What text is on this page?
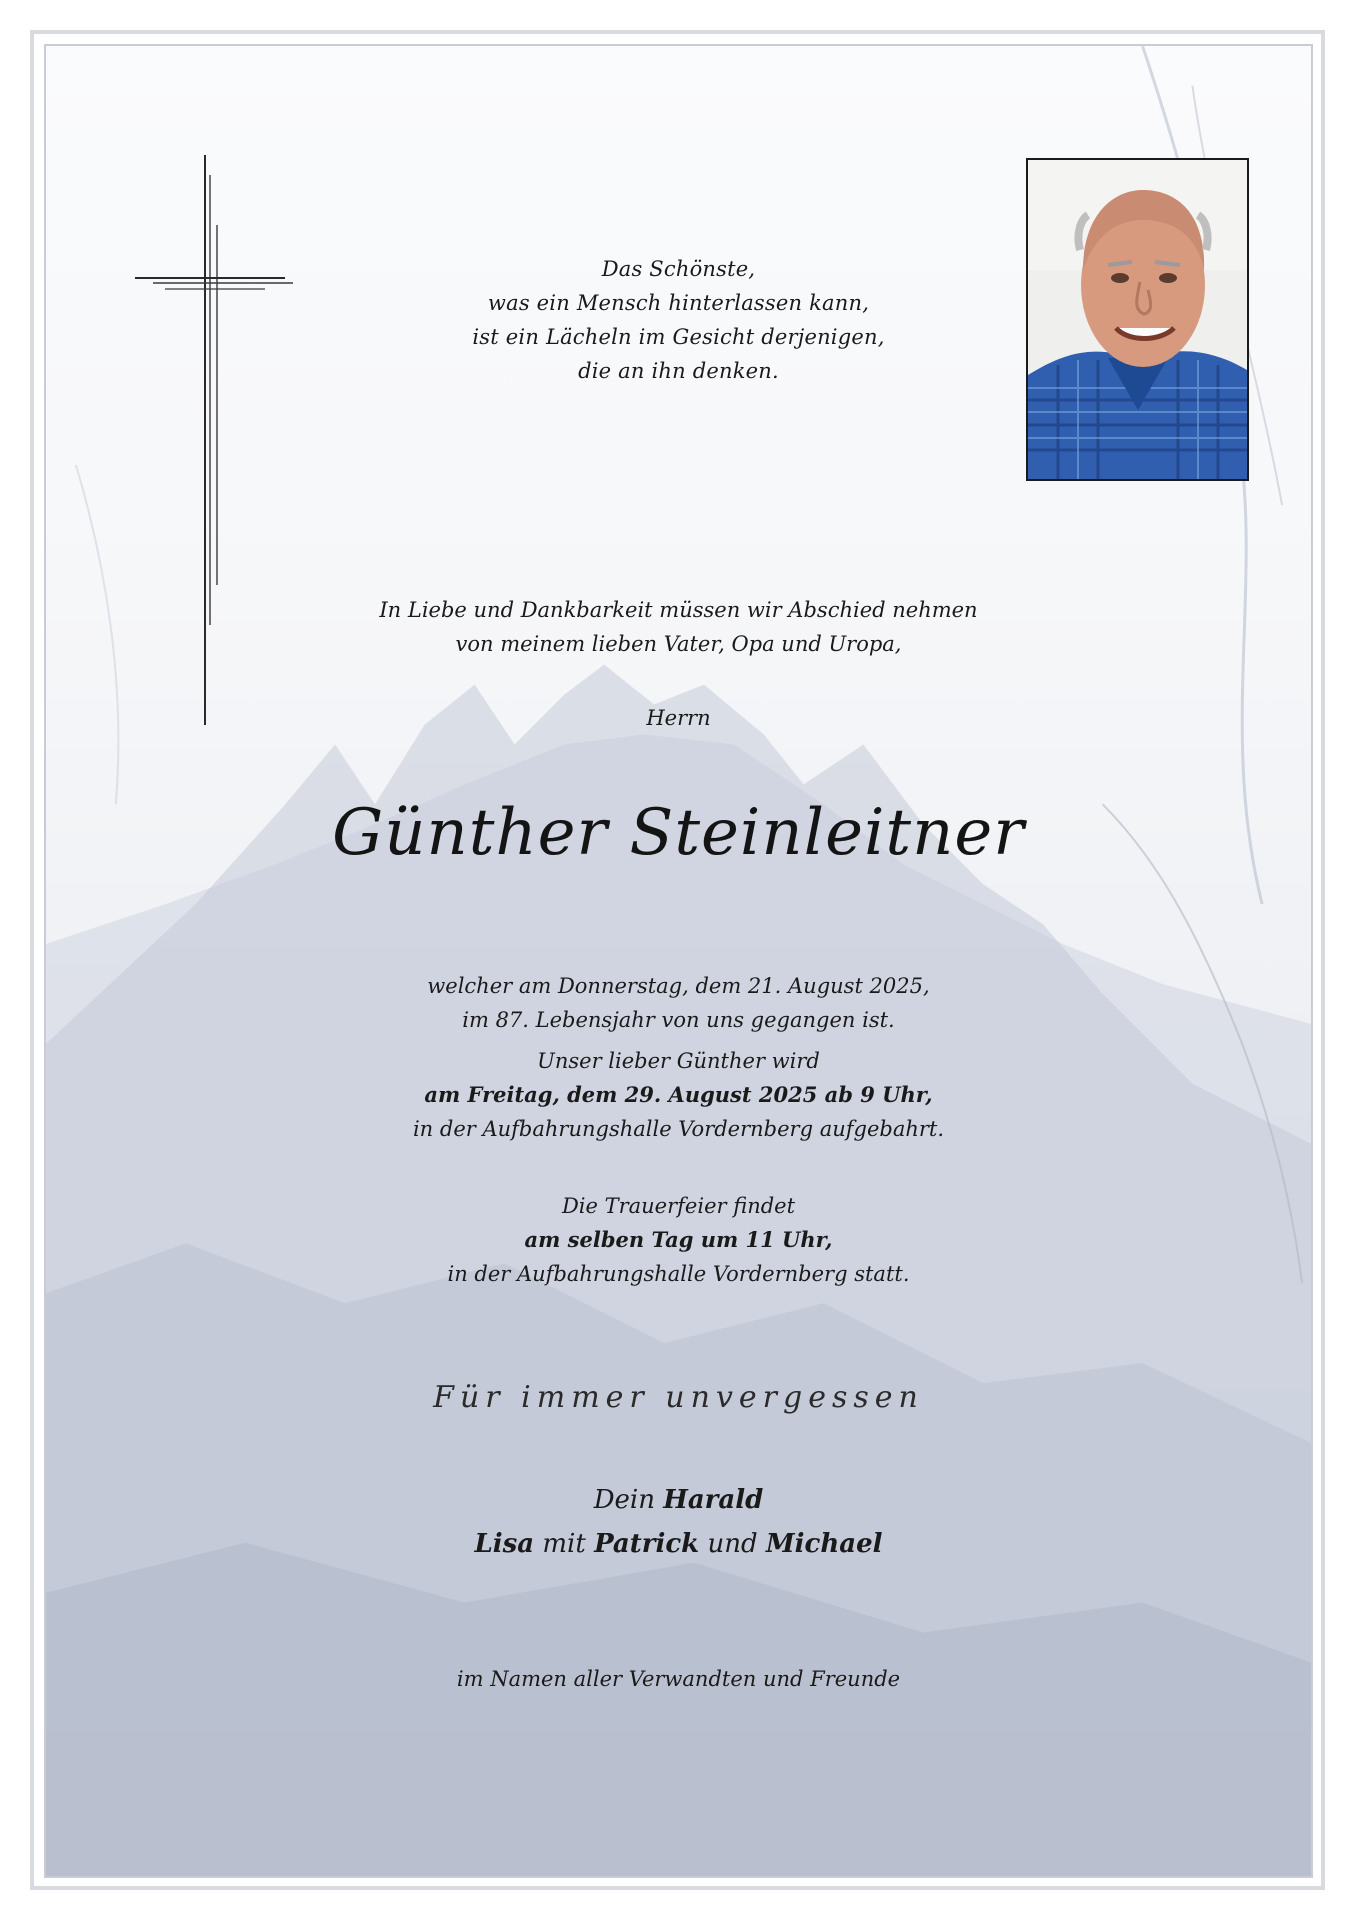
Das Schönste,
was ein Mensch hinterlassen kann,
ist ein Lächeln im Gesicht derjenigen,
die an ihn denken.
In Liebe und Dankbarkeit müssen wir Abschied nehmen
von meinem lieben Vater, Opa und Uropa,
Herrn
Günther Steinleitner
welcher am Donnerstag, dem 21. August 2025,
im 87. Lebensjahr von uns gegangen ist.
Unser lieber Günther wird
am Freitag, dem 29. August 2025 ab 9 Uhr,
in der Aufbahrungshalle Vordernberg aufgebahrt.
Die Trauerfeier findet
am selben Tag um 11 Uhr,
in der Aufbahrungshalle Vordernberg statt.
Für immer unvergessen
Dein Harald
Lisa mit Patrick und Michael
im Namen aller Verwandten und Freunde
